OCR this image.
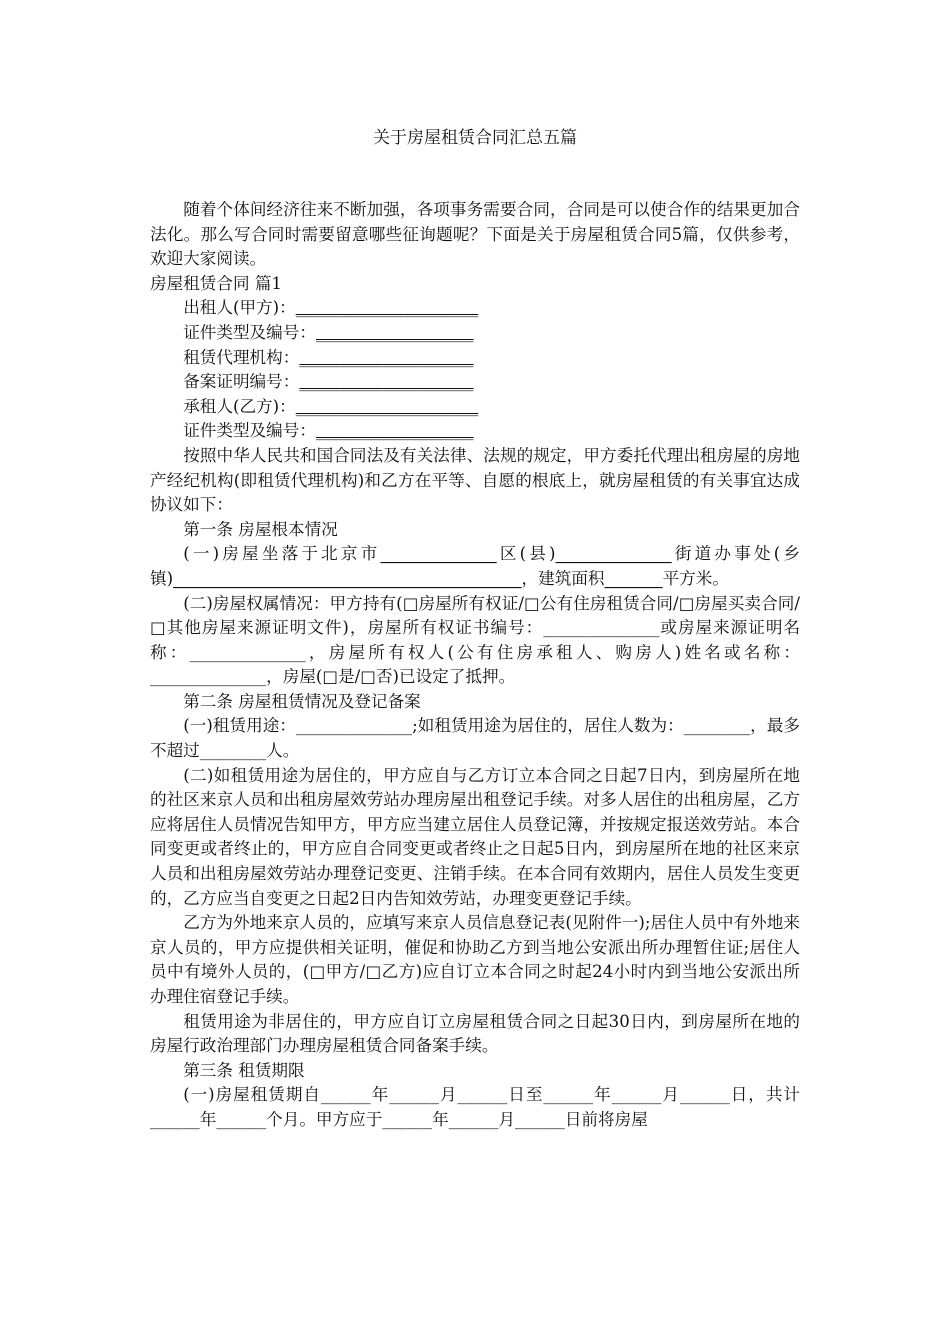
关于房屋租赁合同汇总五篇

随着个体间经济往来不断加强，各项事务需要合同，合同是可以使合作的结果更加合法化。那么写合同时需要留意哪些征询题呢？下面是关于房屋租赁合同5篇，仅供参考，欢迎大家阅读。

房屋租赁合同 篇1

出租人(甲方)： ______________________
证件类型及编号： ___________________
租赁代理机构： _____________________
备案证明编号： _____________________
承租人(乙方)： ______________________
证件类型及编号： ___________________

按照中华人民共和国合同法及有关法律、法规的规定，甲方委托代理出租房屋的房地产经纪机构(即租赁代理机构)和乙方在平等、自愿的根底上，就房屋租赁的有关事宜达成协议如下：

第一条 房屋根本情况

(一)房屋坐落于北京市______________区(县)______________街道办事处(乡镇)__________________________________________，建筑面积_______平方米。

(二)房屋权属情况：甲方持有(□房屋所有权证/□公有住房租赁合同/□房屋买卖合同/□其他房屋来源证明文件)，房屋所有权证书编号：______________或房屋来源证明名称：______________，房屋所有权人(公有住房承租人、购房人)姓名或名称：______________，房屋(□是/□否)已设定了抵押。

第二条 房屋租赁情况及登记备案

(一)租赁用途：______________;如租赁用途为居住的，居住人数为：________，最多不超过________人。

(二)如租赁用途为居住的，甲方应自与乙方订立本合同之日起7日内，到房屋所在地的社区来京人员和出租房屋效劳站办理房屋出租登记手续。对多人居住的出租房屋，乙方应将居住人员情况告知甲方，甲方应当建立居住人员登记簿，并按规定报送效劳站。本合同变更或者终止的，甲方应自合同变更或者终止之日起5日内，到房屋所在地的社区来京人员和出租房屋效劳站办理登记变更、注销手续。在本合同有效期内，居住人员发生变更的，乙方应当自变更之日起2日内告知效劳站，办理变更登记手续。

乙方为外地来京人员的，应填写来京人员信息登记表(见附件一);居住人员中有外地来京人员的，甲方应提供相关证明，催促和协助乙方到当地公安派出所办理暂住证;居住人员中有境外人员的，(□甲方/□乙方)应自订立本合同之时起24小时内到当地公安派出所办理住宿登记手续。

租赁用途为非居住的，甲方应自订立房屋租赁合同之日起30日内，到房屋所在地的房屋行政治理部门办理房屋租赁合同备案手续。

第三条 租赁期限

(一)房屋租赁期自______年______月______日至______年______月______日，共计______年______个月。甲方应于______年______月______日前将房屋
